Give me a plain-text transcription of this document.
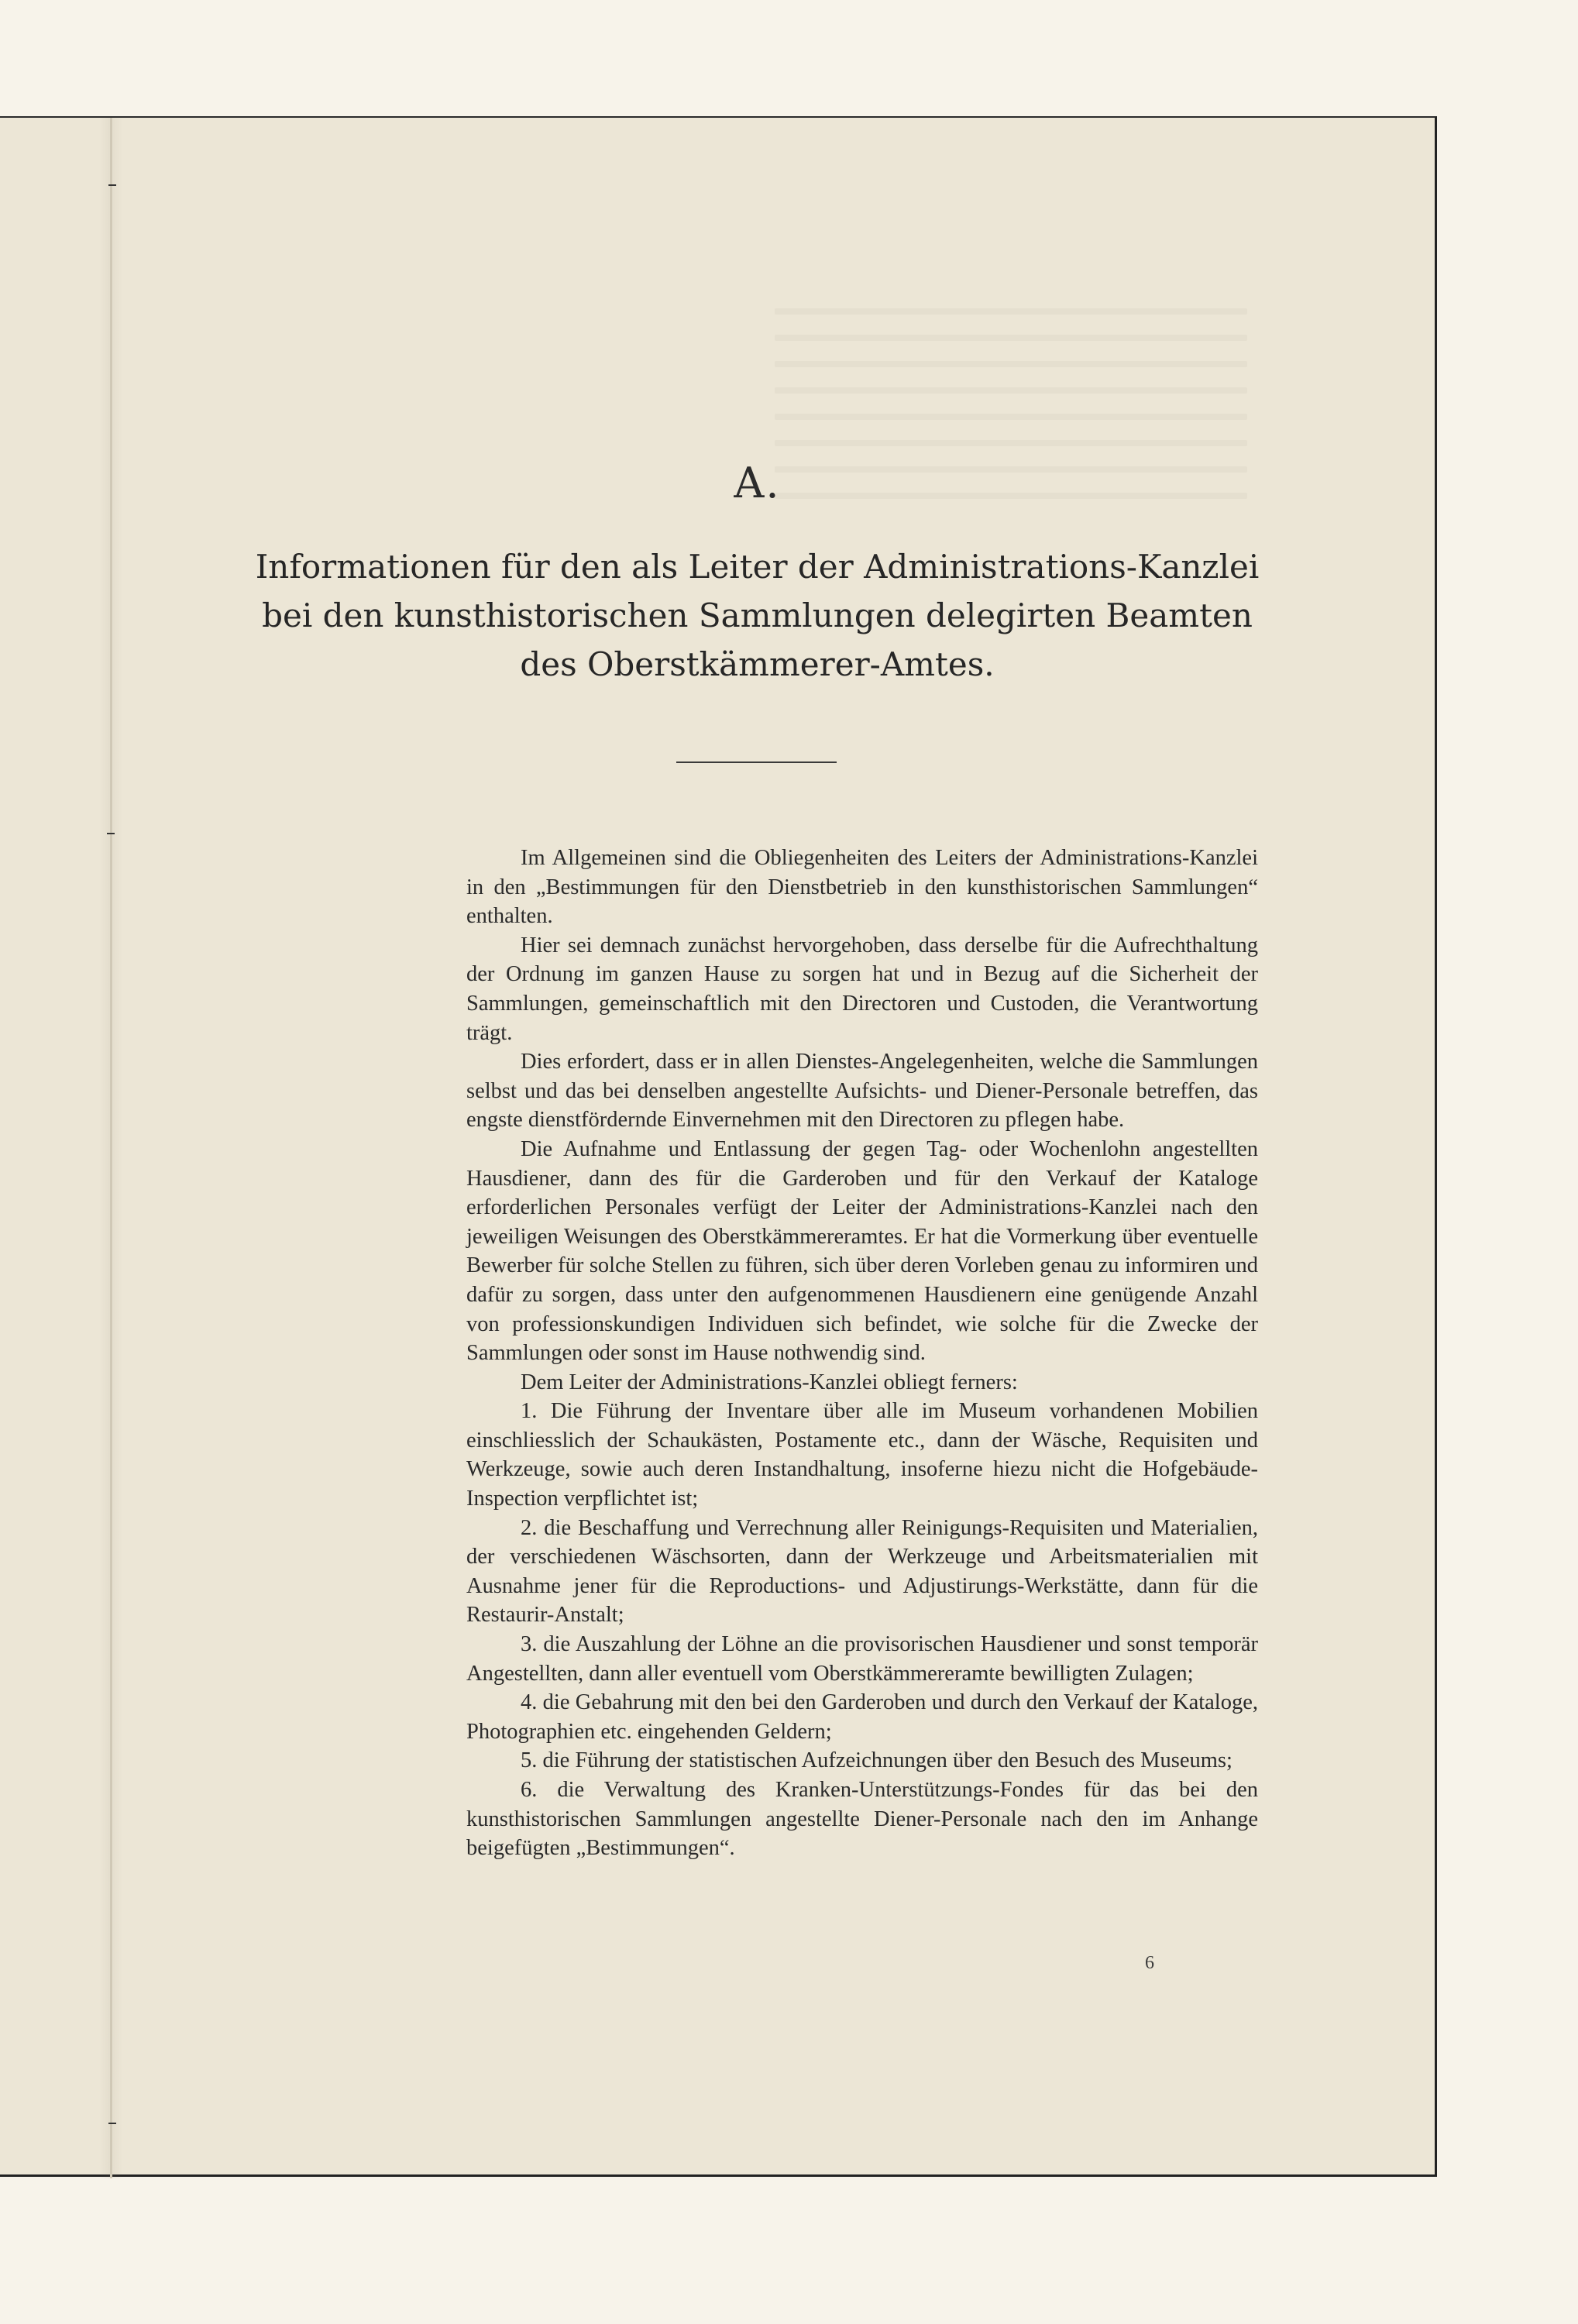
A.
Informationen für den als Leiter der Administrations-Kanzlei
bei den kunsthistorischen Sammlungen delegirten Beamten
des Oberstkämmerer-Amtes.

Im Allgemeinen sind die Obliegenheiten des Leiters der Administrations-Kanzlei in den „Bestimmungen für den Dienstbetrieb in den kunsthistorischen Sammlungen“ enthalten.

Hier sei demnach zunächst hervorgehoben, dass derselbe für die Aufrechthaltung der Ordnung im ganzen Hause zu sorgen hat und in Bezug auf die Sicherheit der Sammlungen, gemeinschaftlich mit den Directoren und Custoden, die Verantwortung trägt.

Dies erfordert, dass er in allen Dienstes-Angelegenheiten, welche die Sammlungen selbst und das bei denselben angestellte Aufsichts- und Diener-Personale betreffen, das engste dienstfördernde Einvernehmen mit den Directoren zu pflegen habe.

Die Aufnahme und Entlassung der gegen Tag- oder Wochenlohn angestellten Hausdiener, dann des für die Garderoben und für den Verkauf der Kataloge erforderlichen Personales verfügt der Leiter der Administrations-Kanzlei nach den jeweiligen Weisungen des Oberstkämmereramtes. Er hat die Vormerkung über eventuelle Bewerber für solche Stellen zu führen, sich über deren Vorleben genau zu informiren und dafür zu sorgen, dass unter den aufgenommenen Hausdienern eine genügende Anzahl von professionskundigen Individuen sich befindet, wie solche für die Zwecke der Sammlungen oder sonst im Hause nothwendig sind.

Dem Leiter der Administrations-Kanzlei obliegt ferners:

1. Die Führung der Inventare über alle im Museum vorhandenen Mobilien einschliesslich der Schaukästen, Postamente etc., dann der Wäsche, Requisiten und Werkzeuge, sowie auch deren Instandhaltung, insoferne hiezu nicht die Hofgebäude-Inspection verpflichtet ist;

2. die Beschaffung und Verrechnung aller Reinigungs-Requisiten und Materialien, der verschiedenen Wäschsorten, dann der Werkzeuge und Arbeitsmaterialien mit Ausnahme jener für die Reproductions- und Adjustirungs-Werkstätte, dann für die Restaurir-Anstalt;

3. die Auszahlung der Löhne an die provisorischen Hausdiener und sonst temporär Angestellten, dann aller eventuell vom Oberstkämmereramte bewilligten Zulagen;

4. die Gebahrung mit den bei den Garderoben und durch den Verkauf der Kataloge, Photographien etc. eingehenden Geldern;

5. die Führung der statistischen Aufzeichnungen über den Besuch des Museums;

6. die Verwaltung des Kranken-Unterstützungs-Fondes für das bei den kunsthistorischen Sammlungen angestellte Diener-Personale nach den im Anhange beigefügten „Bestimmungen“.

6
